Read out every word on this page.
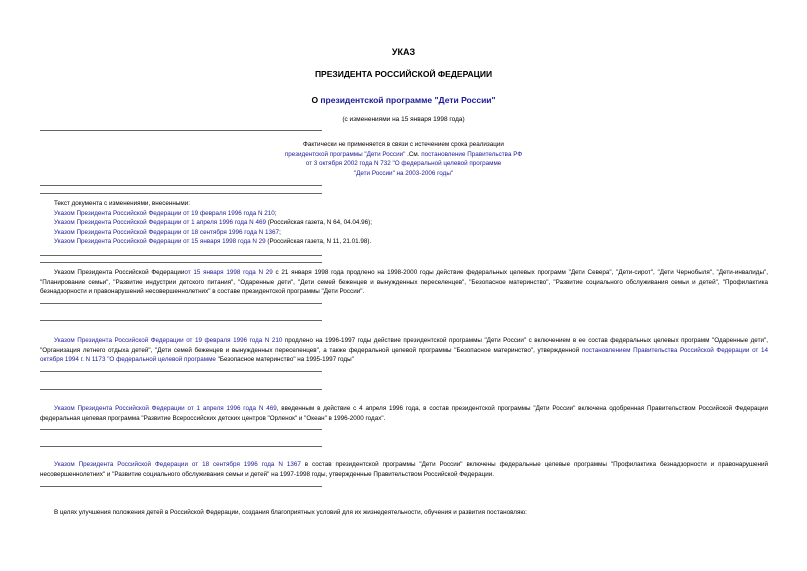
УКАЗ
ПРЕЗИДЕНТА РОССИЙСКОЙ ФЕДЕРАЦИИ
О президентской программе "Дети России"
(с изменениями на 15 января 1998 года)
Фактически не применяется в связи с истечением срока реализации
президентской программы "Дети России" .См. постановление Правительства РФ
от 3 октября 2002 года N 732 "О федеральной целевой программе
"Дети России" на 2003-2006 годы"
Текст документа с изменениями, внесенными:
Указом Президента Российской Федерации от 19 февраля 1996 года N 210;
Указом Президента Российской Федерации от 1 апреля 1996 года N 469 (Российская газета, N 64, 04.04.96);
Указом Президента Российской Федерации от 18 сентября 1996 года N 1367;
Указом Президента Российской Федерации от 15 января 1998 года N 29 (Российская газета, N 11, 21.01.98).
Указом Президента Российской Федерацииот 15 января 1998 года N 29 с 21 января 1998 года продлено на 1998-2000 годы действие федеральных целевых программ "Дети Севера", "Дети-сирот", "Дети Чернобыля", "Дети-инвалиды", "Планирование семьи", "Развитие индустрии детского питания", "Одаренные дети", "Дети семей беженцев и вынужденных переселенцев", "Безопасное материнство", "Развитие социального обслуживания семьи и детей", "Профилактика безнадзорности и правонарушений несовершеннолетних" в составе президентской программы "Дети России".
Указом Президента Российской Федерации от 19 февраля 1996 года N 210 продлено на 1996-1997 годы действие президентской программы "Дети России" с включением в ее состав федеральных целевых программ "Одаренные дети", "Организация летнего отдыха детей", "Дети семей беженцев и вынужденных переселенцев", а также федеральной целевой программы "Безопасное материнство", утвержденной постановлением Правительства Российской Федерации от 14 октября 1994 г. N 1173 "О федеральной целевой программе "Безопасное материнство" на 1995-1997 годы"
Указом Президента Российской Федерации от 1 апреля 1996 года N 469, введенным в действие с 4 апреля 1996 года, в состав президентской программы "Дети России" включена одобренная Правительством Российской Федерации федеральная целевая программа "Развитие Всероссийских детских центров "Орленок" и "Океан" в 1996-2000 годах".
Указом Президента Российской Федерации от 18 сентября 1996 года N 1367 в состав президентской программы "Дети России" включены федеральные целевые программы "Профилактика безнадзорности и правонарушений несовершеннолетних" и "Развитие социального обслуживания семьи и детей" на 1997-1998 годы, утвержденные Правительством Российской Федерации.
В целях улучшения положения детей в Российской Федерации, создания благоприятных условий для их жизнедеятельности, обучения и развития постановляю:
